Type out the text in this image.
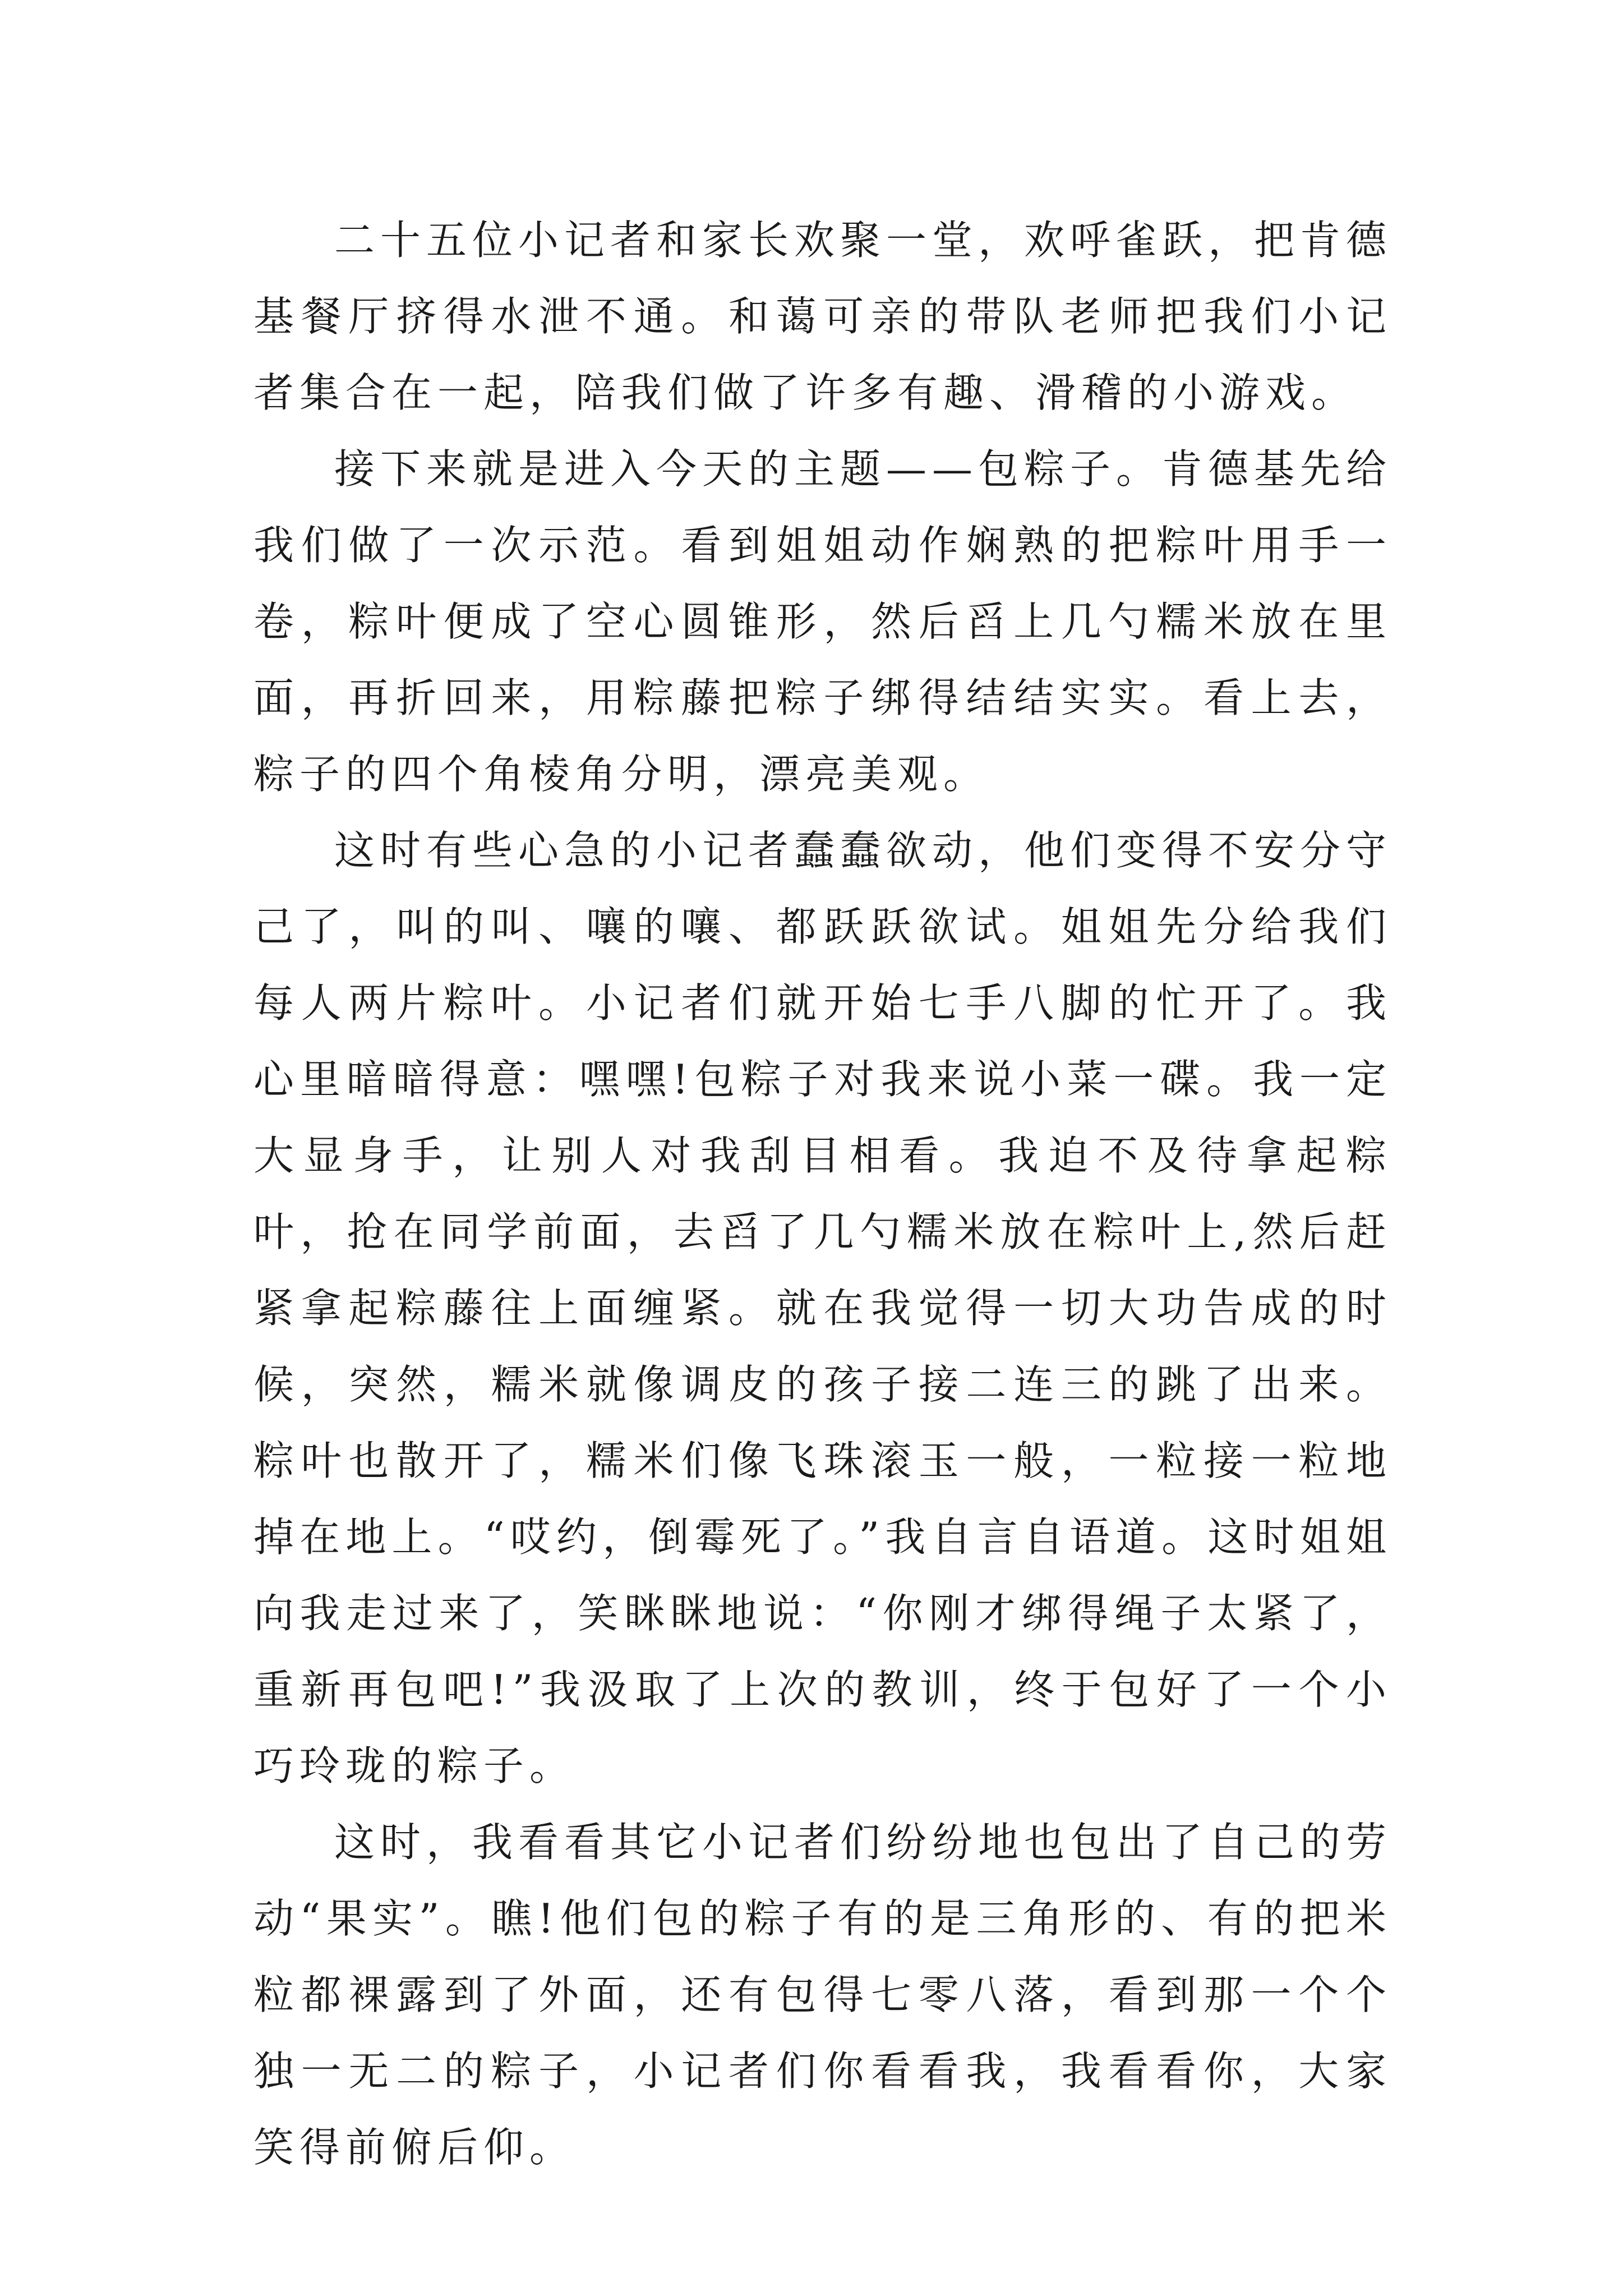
二十五位小记者和家长欢聚一堂，欢呼雀跃，把肯德基餐厅挤得水泄不通。和蔼可亲的带队老师把我们小记者集合在一起，陪我们做了许多有趣、滑稽的小游戏。

接下来就是进入今天的主题——包粽子。肯德基先给我们做了一次示范。看到姐姐动作娴熟的把粽叶用手一卷，粽叶便成了空心圆锥形，然后舀上几勺糯米放在里面，再折回来，用粽藤把粽子绑得结结实实。看上去，粽子的四个角棱角分明，漂亮美观。

这时有些心急的小记者蠢蠢欲动，他们变得不安分守己了，叫的叫、嚷的嚷、都跃跃欲试。姐姐先分给我们每人两片粽叶。小记者们就开始七手八脚的忙开了。我心里暗暗得意：嘿嘿!包粽子对我来说小菜一碟。我一定大显身手，让别人对我刮目相看。我迫不及待拿起粽叶，抢在同学前面，去舀了几勺糯米放在粽叶上,然后赶紧拿起粽藤往上面缠紧。就在我觉得一切大功告成的时候，突然，糯米就像调皮的孩子接二连三的跳了出来。粽叶也散开了，糯米们像飞珠滚玉一般，一粒接一粒地掉在地上。“哎约，倒霉死了。”我自言自语道。这时姐姐向我走过来了，笑眯眯地说：“你刚才绑得绳子太紧了，重新再包吧!”我汲取了上次的教训，终于包好了一个小巧玲珑的粽子。

这时，我看看其它小记者们纷纷地也包出了自己的劳动“果实”。瞧!他们包的粽子有的是三角形的、有的把米粒都裸露到了外面，还有包得七零八落，看到那一个个独一无二的粽子，小记者们你看看我，我看看你，大家笑得前俯后仰。
